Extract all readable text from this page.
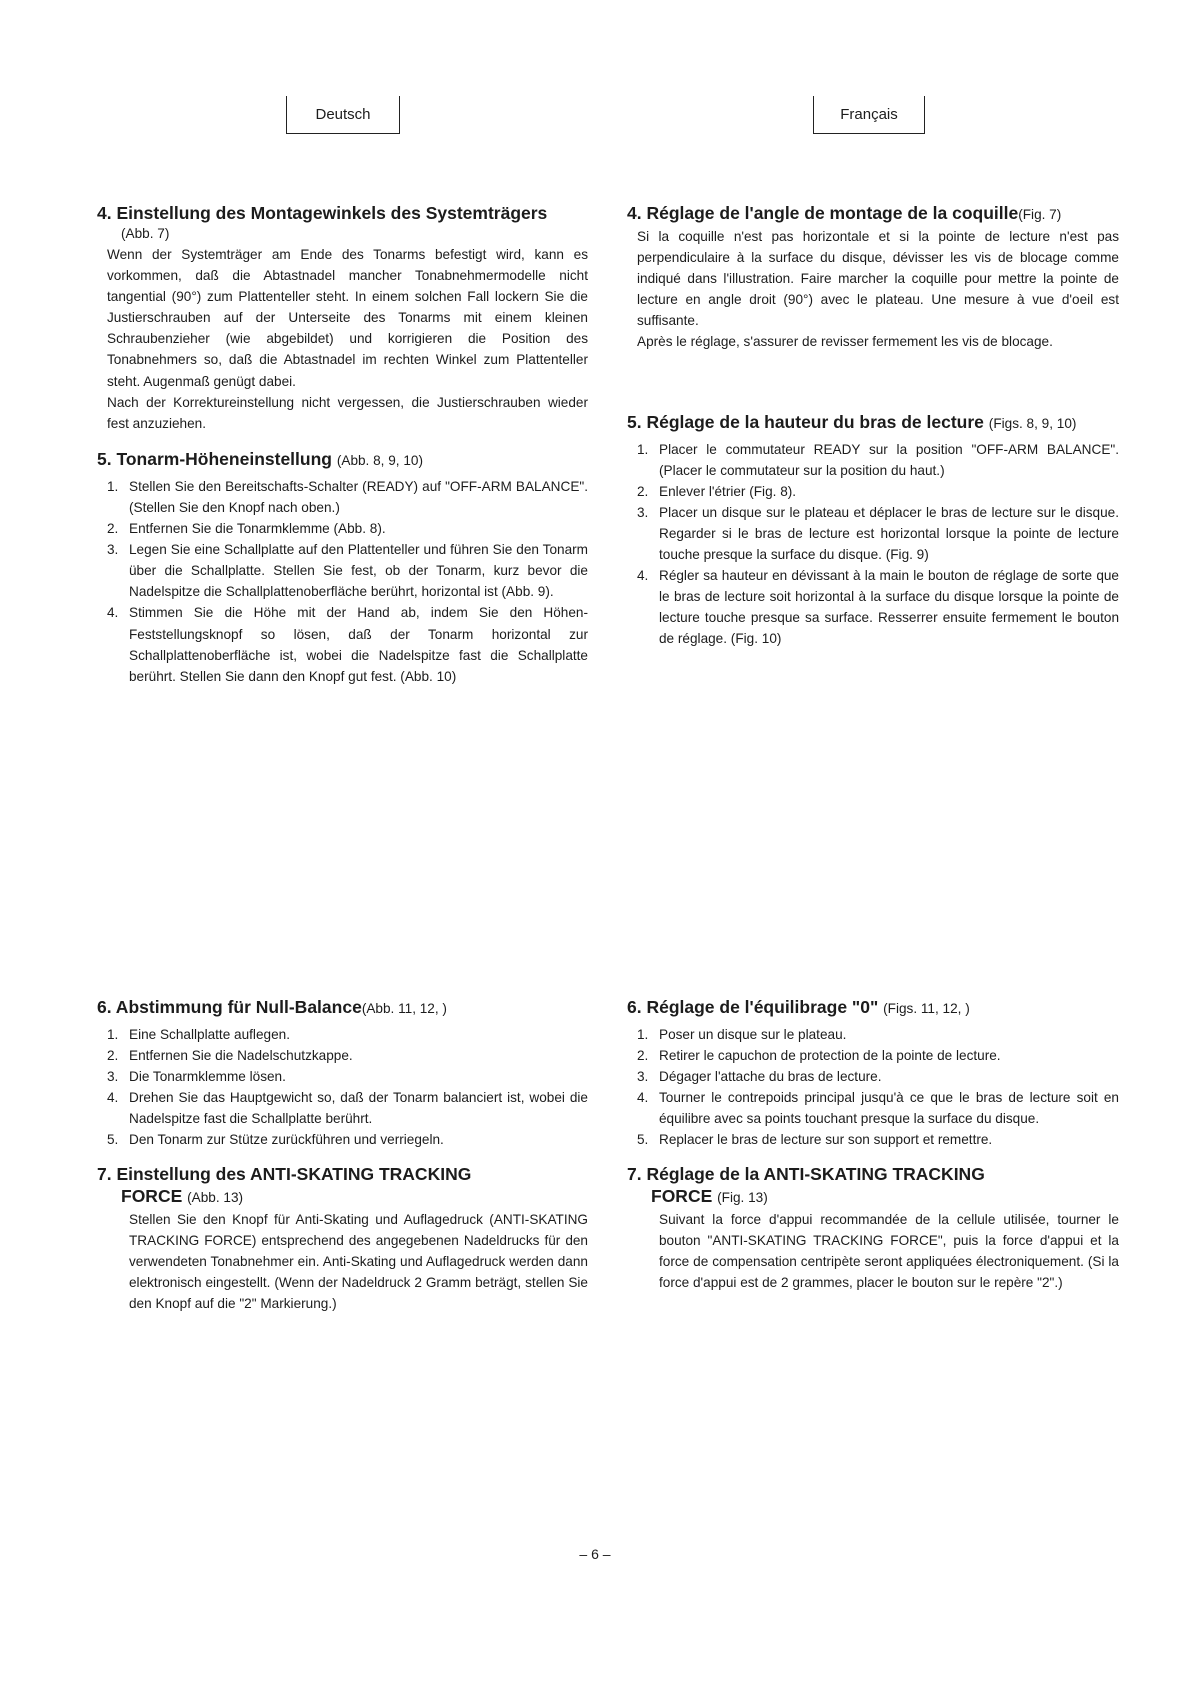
Deutsch	Français
4. Einstellung des Montagewinkels des Systemträgers
(Abb. 7)
Wenn der Systemträger am Ende des Tonarms befestigt wird, kann es vorkommen, daß die Abtastnadel mancher Tonabnehmermodelle nicht tangential (90°) zum Plattenteller steht. In einem solchen Fall lockern Sie die Justierschrauben auf der Unterseite des Tonarms mit einem kleinen Schraubenzieher (wie abgebildet) und korrigieren die Position des Tonabnehmers so, daß die Abtastnadel im rechten Winkel zum Plattenteller steht. Augenmaß genügt dabei.
Nach der Korrektureinstellung nicht vergessen, die Justierschrauben wieder fest anzuziehen.
5. Tonarm-Höheneinstellung (Abb. 8, 9, 10)
1. Stellen Sie den Bereitschafts-Schalter (READY) auf "OFF-ARM BALANCE". (Stellen Sie den Knopf nach oben.)
2. Entfernen Sie die Tonarmklemme (Abb. 8).
3. Legen Sie eine Schallplatte auf den Plattenteller und führen Sie den Tonarm über die Schallplatte. Stellen Sie fest, ob der Tonarm, kurz bevor die Nadelspitze die Schallplattenoberfläche berührt, horizontal ist (Abb. 9).
4. Stimmen Sie die Höhe mit der Hand ab, indem Sie den Höhen-Feststellungsknopf so lösen, daß der Tonarm horizontal zur Schallplattenoberfläche ist, wobei die Nadelspitze fast die Schallplatte berührt. Stellen Sie dann den Knopf gut fest. (Abb. 10)
4. Réglage de l'angle de montage de la coquille(Fig. 7)
Si la coquille n'est pas horizontale et si la pointe de lecture n'est pas perpendiculaire à la surface du disque, dévisser les vis de blocage comme indiqué dans l'illustration. Faire marcher la coquille pour mettre la pointe de lecture en angle droit (90°) avec le plateau. Une mesure à vue d'oeil est suffisante.
Après le réglage, s'assurer de revisser fermement les vis de blocage.
5. Réglage de la hauteur du bras de lecture (Figs. 8, 9, 10)
1. Placer le commutateur READY sur la position "OFF-ARM BALANCE". (Placer le commutateur sur la position du haut.)
2. Enlever l'étrier (Fig. 8).
3. Placer un disque sur le plateau et déplacer le bras de lecture sur le disque. Regarder si le bras de lecture est horizontal lorsque la pointe de lecture touche presque la surface du disque. (Fig. 9)
4. Régler sa hauteur en dévissant à la main le bouton de réglage de sorte que le bras de lecture soit horizontal à la surface du disque lorsque la pointe de lecture touche presque sa surface. Resserrer ensuite fermement le bouton de réglage. (Fig. 10)
6. Abstimmung für Null-Balance(Abb. 11, 12, )
1. Eine Schallplatte auflegen.
2. Entfernen Sie die Nadelschutzkappe.
3. Die Tonarmklemme lösen.
4. Drehen Sie das Hauptgewicht so, daß der Tonarm balanciert ist, wobei die Nadelspitze fast die Schallplatte berührt.
5. Den Tonarm zur Stütze zurückführen und verriegeln.
7. Einstellung des ANTI-SKATING TRACKING
FORCE (Abb. 13)
Stellen Sie den Knopf für Anti-Skating und Auflagedruck (ANTI-SKATING TRACKING FORCE) entsprechend des angegebenen Nadeldrucks für den verwendeten Tonabnehmer ein. Anti-Skating und Auflagedruck werden dann elektronisch eingestellt. (Wenn der Nadeldruck 2 Gramm beträgt, stellen Sie den Knopf auf die "2" Markierung.)
6. Réglage de l'équilibrage "0" (Figs. 11, 12, )
1. Poser un disque sur le plateau.
2. Retirer le capuchon de protection de la pointe de lecture.
3. Dégager l'attache du bras de lecture.
4. Tourner le contrepoids principal jusqu'à ce que le bras de lecture soit en équilibre avec sa points touchant presque la surface du disque.
5. Replacer le bras de lecture sur son support et remettre.
7. Réglage de la ANTI-SKATING TRACKING
FORCE (Fig. 13)
Suivant la force d'appui recommandée de la cellule utilisée, tourner le bouton "ANTI-SKATING TRACKING FORCE", puis la force d'appui et la force de compensation centripète seront appliquées électroniquement. (Si la force d'appui est de 2 grammes, placer le bouton sur le repère "2".)
– 6 –
